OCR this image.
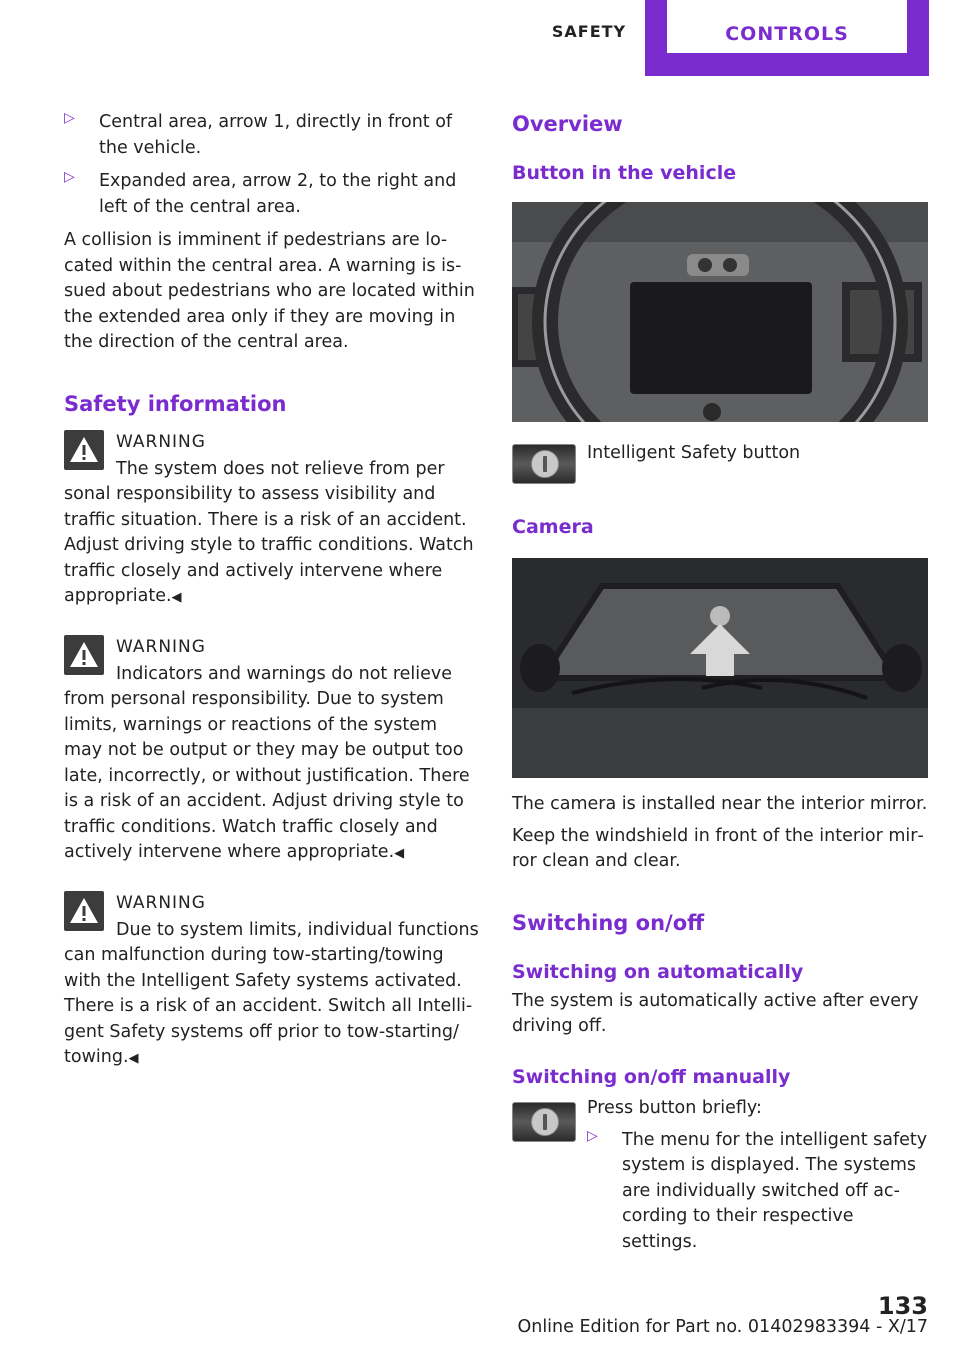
SAFETY	CONTROLS
▷ Central area, arrow 1, directly in front of the vehicle.

▷ Expanded area, arrow 2, to the right and left of the central area.

A collision is imminent if pedestrians are located within the central area. A warning is issued about pedestrians who are located within the extended area only if they are moving in the direction of the central area.

Safety information
WARNING

The system does not relieve from per

sonal responsibility to assess visibility and traffic situation. There is a risk of an accident. Adjust driving style to traffic conditions. Watch traffic closely and actively intervene where appropriate.◀

WARNING

Indicators and warnings do not relieve

from personal responsibility. Due to system limits, warnings or reactions of the system may not be output or they may be output too late, incorrectly, or without justification. There is a risk of an accident. Adjust driving style to traffic conditions. Watch traffic closely and actively intervene where appropriate.◀

WARNING

Due to system limits, individual functions

can malfunction during tow-starting/towing with the Intelligent Safety systems activated. There is a risk of an accident. Switch all Intelligent Safety systems off prior to tow-starting/ towing.◀

Overview
Button in the vehicle

Intelligent Safety button

Camera

The camera is installed near the interior mirror.

Keep the windshield in front of the interior mirror clean and clear.

Switching on/off
Switching on automatically

The system is automatically active after every driving off.

Switching on/off manually

Press button briefly:

▷ The menu for the intelligent safety system is displayed. The systems are individually switched off according to their respective settings.

Online Edition for Part no. 01402983394 - X/17
133
